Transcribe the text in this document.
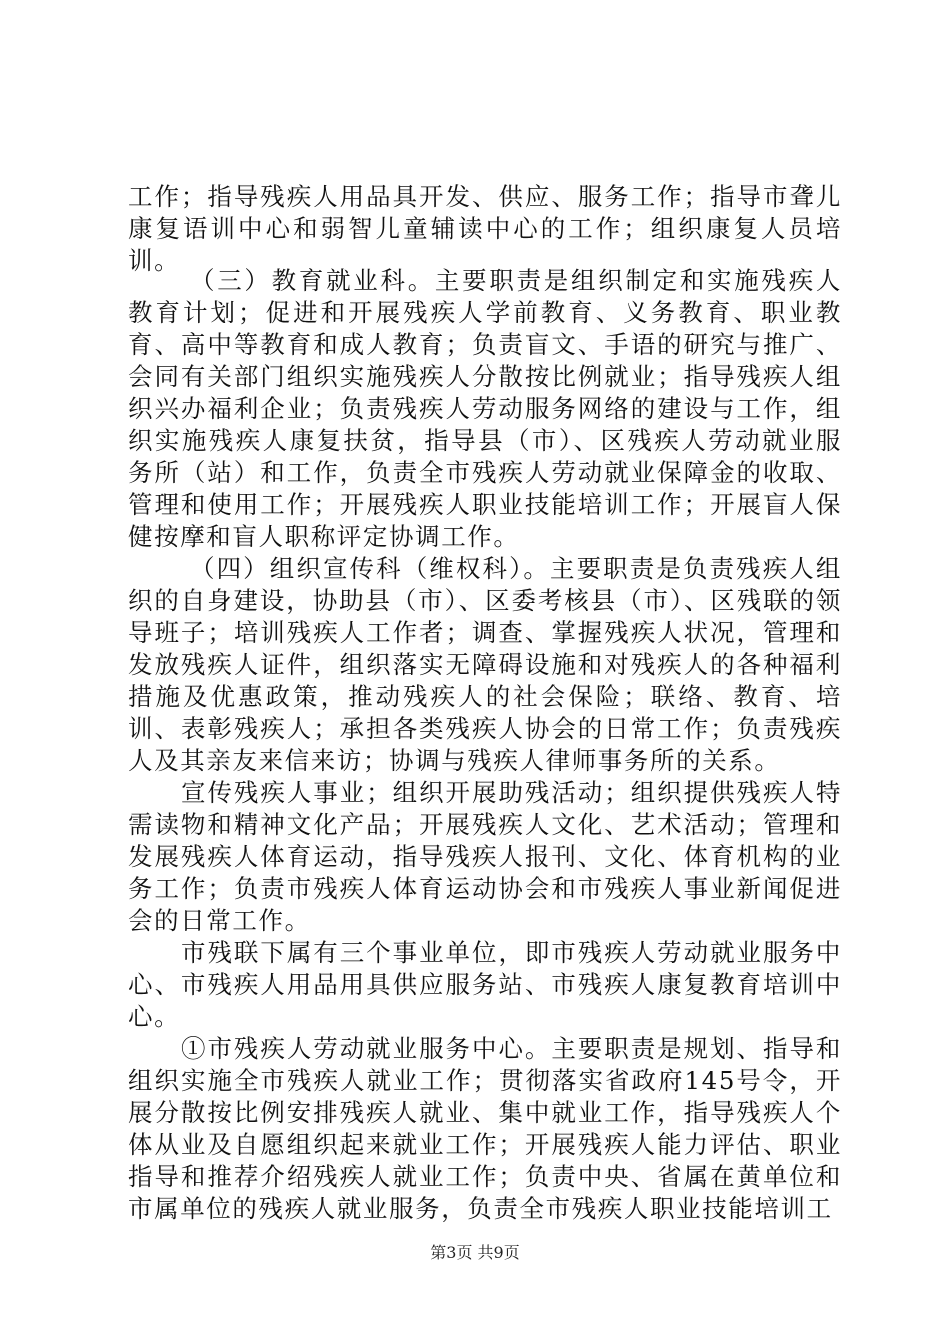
工作；指导残疾人用品具开发、供应、服务工作；指导市聋儿康复语训中心和弱智儿童辅读中心的工作；组织康复人员培训。

（三）教育就业科。主要职责是组织制定和实施残疾人教育计划；促进和开展残疾人学前教育、义务教育、职业教育、高中等教育和成人教育；负责盲文、手语的研究与推广、会同有关部门组织实施残疾人分散按比例就业；指导残疾人组织兴办福利企业；负责残疾人劳动服务网络的建设与工作，组织实施残疾人康复扶贫，指导县（市）、区残疾人劳动就业服务所（站）和工作，负责全市残疾人劳动就业保障金的收取、管理和使用工作；开展残疾人职业技能培训工作；开展盲人保健按摩和盲人职称评定协调工作。

（四）组织宣传科（维权科）。主要职责是负责残疾人组织的自身建设，协助县（市）、区委考核县（市）、区残联的领导班子；培训残疾人工作者；调查、掌握残疾人状况，管理和发放残疾人证件，组织落实无障碍设施和对残疾人的各种福利措施及优惠政策，推动残疾人的社会保险；联络、教育、培训、表彰残疾人；承担各类残疾人协会的日常工作；负责残疾人及其亲友来信来访；协调与残疾人律师事务所的关系。

宣传残疾人事业；组织开展助残活动；组织提供残疾人特需读物和精神文化产品；开展残疾人文化、艺术活动；管理和发展残疾人体育运动，指导残疾人报刊、文化、体育机构的业务工作；负责市残疾人体育运动协会和市残疾人事业新闻促进会的日常工作。

市残联下属有三个事业单位，即市残疾人劳动就业服务中心、市残疾人用品用具供应服务站、市残疾人康复教育培训中心。

①市残疾人劳动就业服务中心。主要职责是规划、指导和组织实施全市残疾人就业工作；贯彻落实省政府145号令，开展分散按比例安排残疾人就业、集中就业工作，指导残疾人个体从业及自愿组织起来就业工作；开展残疾人能力评估、职业指导和推荐介绍残疾人就业工作；负责中央、省属在黄单位和市属单位的残疾人就业服务，负责全市残疾人职业技能培训工

第3页 共9页
